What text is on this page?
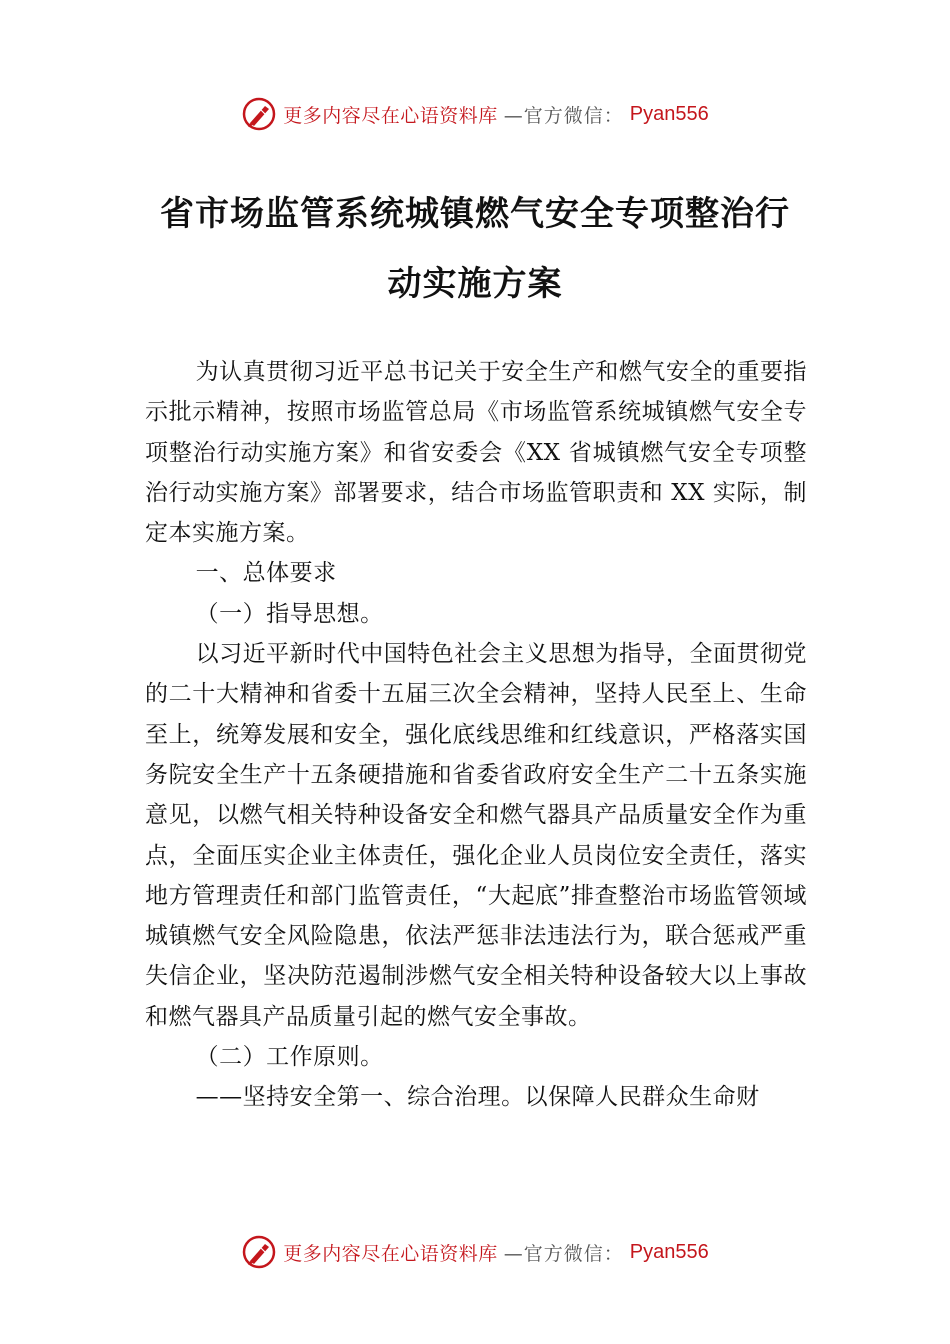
更多内容尽在心语资料库 —官方微信： Pyan556
省市场监管系统城镇燃气安全专项整治行
动实施方案

为认真贯彻习近平总书记关于安全生产和燃气安全的重要指示批示精神，按照市场监管总局《市场监管系统城镇燃气安全专项整治行动实施方案》和省安委会《XX 省城镇燃气安全专项整治行动实施方案》部署要求，结合市场监管职责和 XX 实际，制定本实施方案。

一、总体要求

（一）指导思想。

以习近平新时代中国特色社会主义思想为指导，全面贯彻党的二十大精神和省委十五届三次全会精神，坚持人民至上、生命至上，统筹发展和安全，强化底线思维和红线意识，严格落实国务院安全生产十五条硬措施和省委省政府安全生产二十五条实施意见，以燃气相关特种设备安全和燃气器具产品质量安全作为重点，全面压实企业主体责任，强化企业人员岗位安全责任，落实地方管理责任和部门监管责任，“大起底”排查整治市场监管领域城镇燃气安全风险隐患，依法严惩非法违法行为，联合惩戒严重失信企业，坚决防范遏制涉燃气安全相关特种设备较大以上事故和燃气器具产品质量引起的燃气安全事故。

（二）工作原则。

——坚持安全第一、综合治理。以保障人民群众生命财

更多内容尽在心语资料库 —官方微信： Pyan556
